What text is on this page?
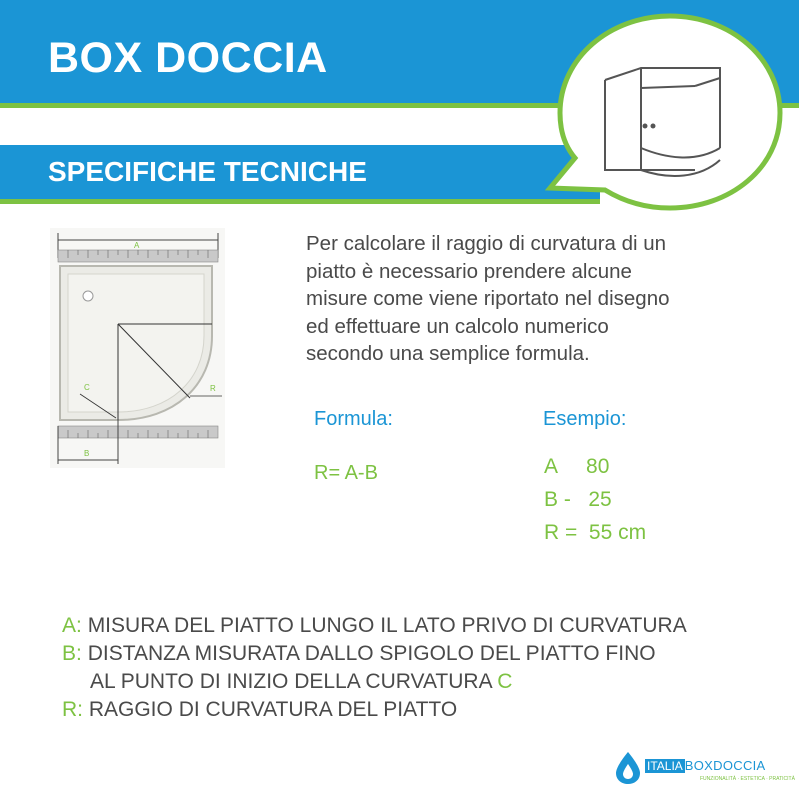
BOX DOCCIA
SPECIFICHE TECNICHE
A
R
C
B
Per calcolare il raggio di curvatura di un
piatto è necessario prendere alcune
misure come viene riportato nel disegno
ed effettuare un calcolo numerico
secondo una semplice formula.
Formula:
R= A-B
Esempio:
A     80
B -   25
R =  55 cm
A: MISURA DEL PIATTO LUNGO IL LATO PRIVO DI CURVATURA
B: DISTANZA MISURATA DALLO SPIGOLO DEL PIATTO FINO
AL PUNTO DI INIZIO DELLA CURVATURA C
R: RAGGIO DI CURVATURA DEL PIATTO
ITALIA BOXDOCCIA
FUNZIONALITÀ · ESTETICA · PRATICITÀ
